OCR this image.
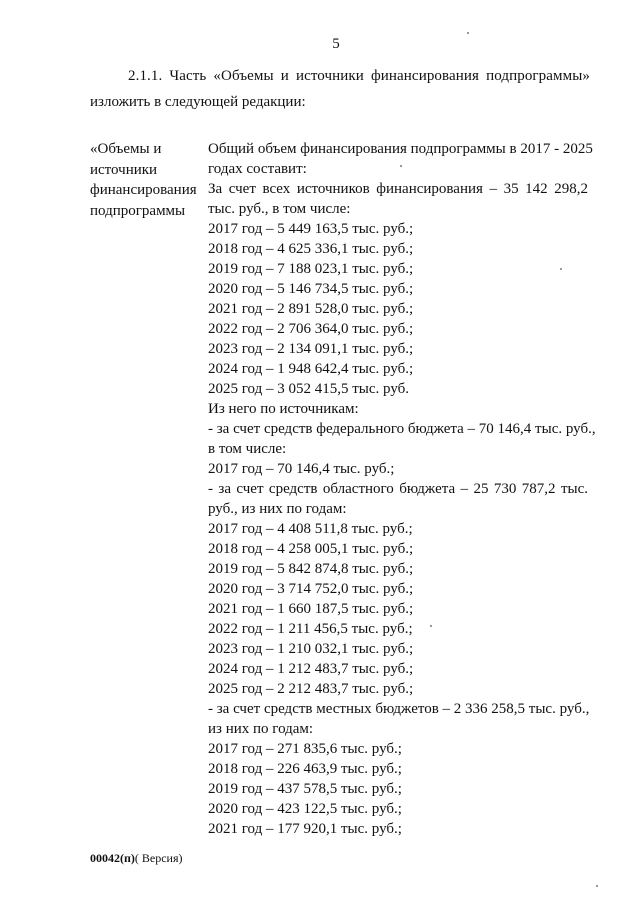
5
2.1.1. Часть «Объемы и источники финансирования подпрограммы»
изложить в следующей редакции:
«Объемы и
источники
финансирования
подпрограммы
Общий объем финансирования подпрограммы в 2017 - 2025
годах составит:
За счет всех источников финансирования – 35 142 298,2
тыс. руб., в том числе:
2017 год – 5 449 163,5 тыс. руб.;
2018 год – 4 625 336,1 тыс. руб.;
2019 год – 7 188 023,1 тыс. руб.;
2020 год – 5 146 734,5 тыс. руб.;
2021 год – 2 891 528,0 тыс. руб.;
2022 год – 2 706 364,0 тыс. руб.;
2023 год – 2 134 091,1 тыс. руб.;
2024 год – 1 948 642,4 тыс. руб.;
2025 год – 3 052 415,5 тыс. руб.
Из него по источникам:
- за счет средств федерального бюджета – 70 146,4 тыс. руб.,
в том числе:
2017 год – 70 146,4 тыс. руб.;
- за счет средств областного бюджета – 25 730 787,2 тыс.
руб., из них по годам:
2017 год – 4 408 511,8 тыс. руб.;
2018 год – 4 258 005,1 тыс. руб.;
2019 год – 5 842 874,8 тыс. руб.;
2020 год – 3 714 752,0 тыс. руб.;
2021 год – 1 660 187,5 тыс. руб.;
2022 год – 1 211 456,5 тыс. руб.;
2023 год – 1 210 032,1 тыс. руб.;
2024 год – 1 212 483,7 тыс. руб.;
2025 год – 2 212 483,7 тыс. руб.;
- за счет средств местных бюджетов – 2 336 258,5 тыс. руб.,
из них по годам:
2017 год – 271 835,6 тыс. руб.;
2018 год – 226 463,9 тыс. руб.;
2019 год – 437 578,5 тыс. руб.;
2020 год – 423 122,5 тыс. руб.;
2021 год – 177 920,1 тыс. руб.;
00042(п)( Версия)
